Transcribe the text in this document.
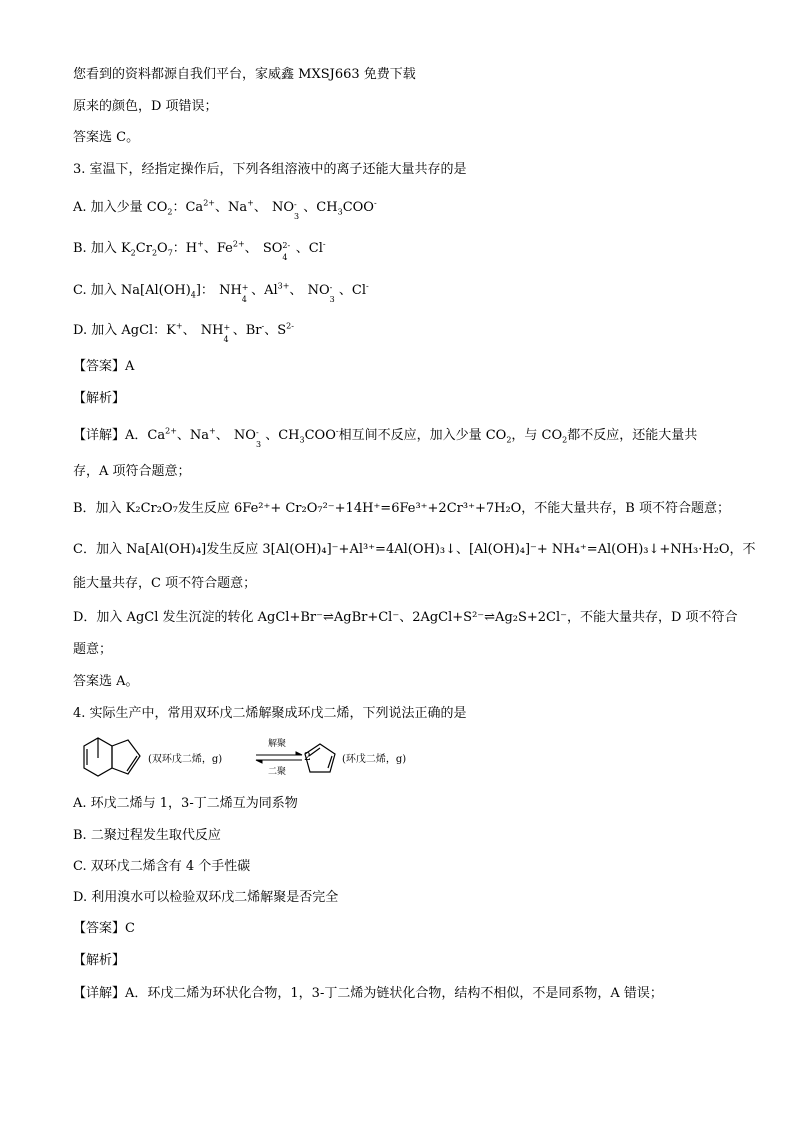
您看到的资料都源自我们平台，家威鑫 MXSJ663 免费下载
原来的颜色，D 项错误；
答案选 C。
3. 室温下，经指定操作后，下列各组溶液中的离子还能大量共存的是
A. 加入少量 $CO_2$：$Ca^{2+}$、Na+、 NO -
3
、$CH_3COO^-$
B. 加入 $K_2Cr_2O_7$：H+、$Fe^{2+}$、 SO 2-
4
、Cl-
C. 加入 $Na[Al(OH)_4]$： NH +
4
、$Al^{3+}$、 NO -
3
、Cl-
D. 加入 AgCl：K+、 NH +
4
、Br-、$S^{2-}$
【答案】A
【解析】
【详解】A．$Ca^{2+}$、Na+、 NO -
3
、$CH_3COO^-$相互间不反应，加入少量 $CO_2$，与 $CO_2$都不反应，还能大量共
存，A 项符合题意；
B．加入 K₂Cr₂O₇发生反应 6Fe²⁺+ Cr₂O₇²⁻+14H⁺=6Fe³⁺+2Cr³⁺+7H₂O，不能大量共存，B 项不符合题意；
C．加入 Na[Al(OH)₄]发生反应 3[Al(OH)₄]⁻+Al³⁺=4Al(OH)₃↓、[Al(OH)₄]⁻+ NH₄⁺=Al(OH)₃↓+NH₃·H₂O，不
能大量共存，C 项不符合题意；
D．加入 AgCl 发生沉淀的转化 AgCl+Br⁻⇌AgBr+Cl⁻、2AgCl+S²⁻⇌Ag₂S+2Cl⁻，不能大量共存，D 项不符合
题意；
答案选 A。
4. 实际生产中，常用双环戊二烯解聚成环戊二烯，下列说法正确的是
(双环戊二烯，g)
解聚
二聚
2	(环戊二烯，g)
A. 环戊二烯与 1，3-丁二烯互为同系物
B. 二聚过程发生取代反应
C. 双环戊二烯含有 4 个手性碳
D. 利用溴水可以检验双环戊二烯解聚是否完全
【答案】C
【解析】
【详解】A．环戊二烯为环状化合物，1，3-丁二烯为链状化合物，结构不相似，不是同系物，A 错误；
